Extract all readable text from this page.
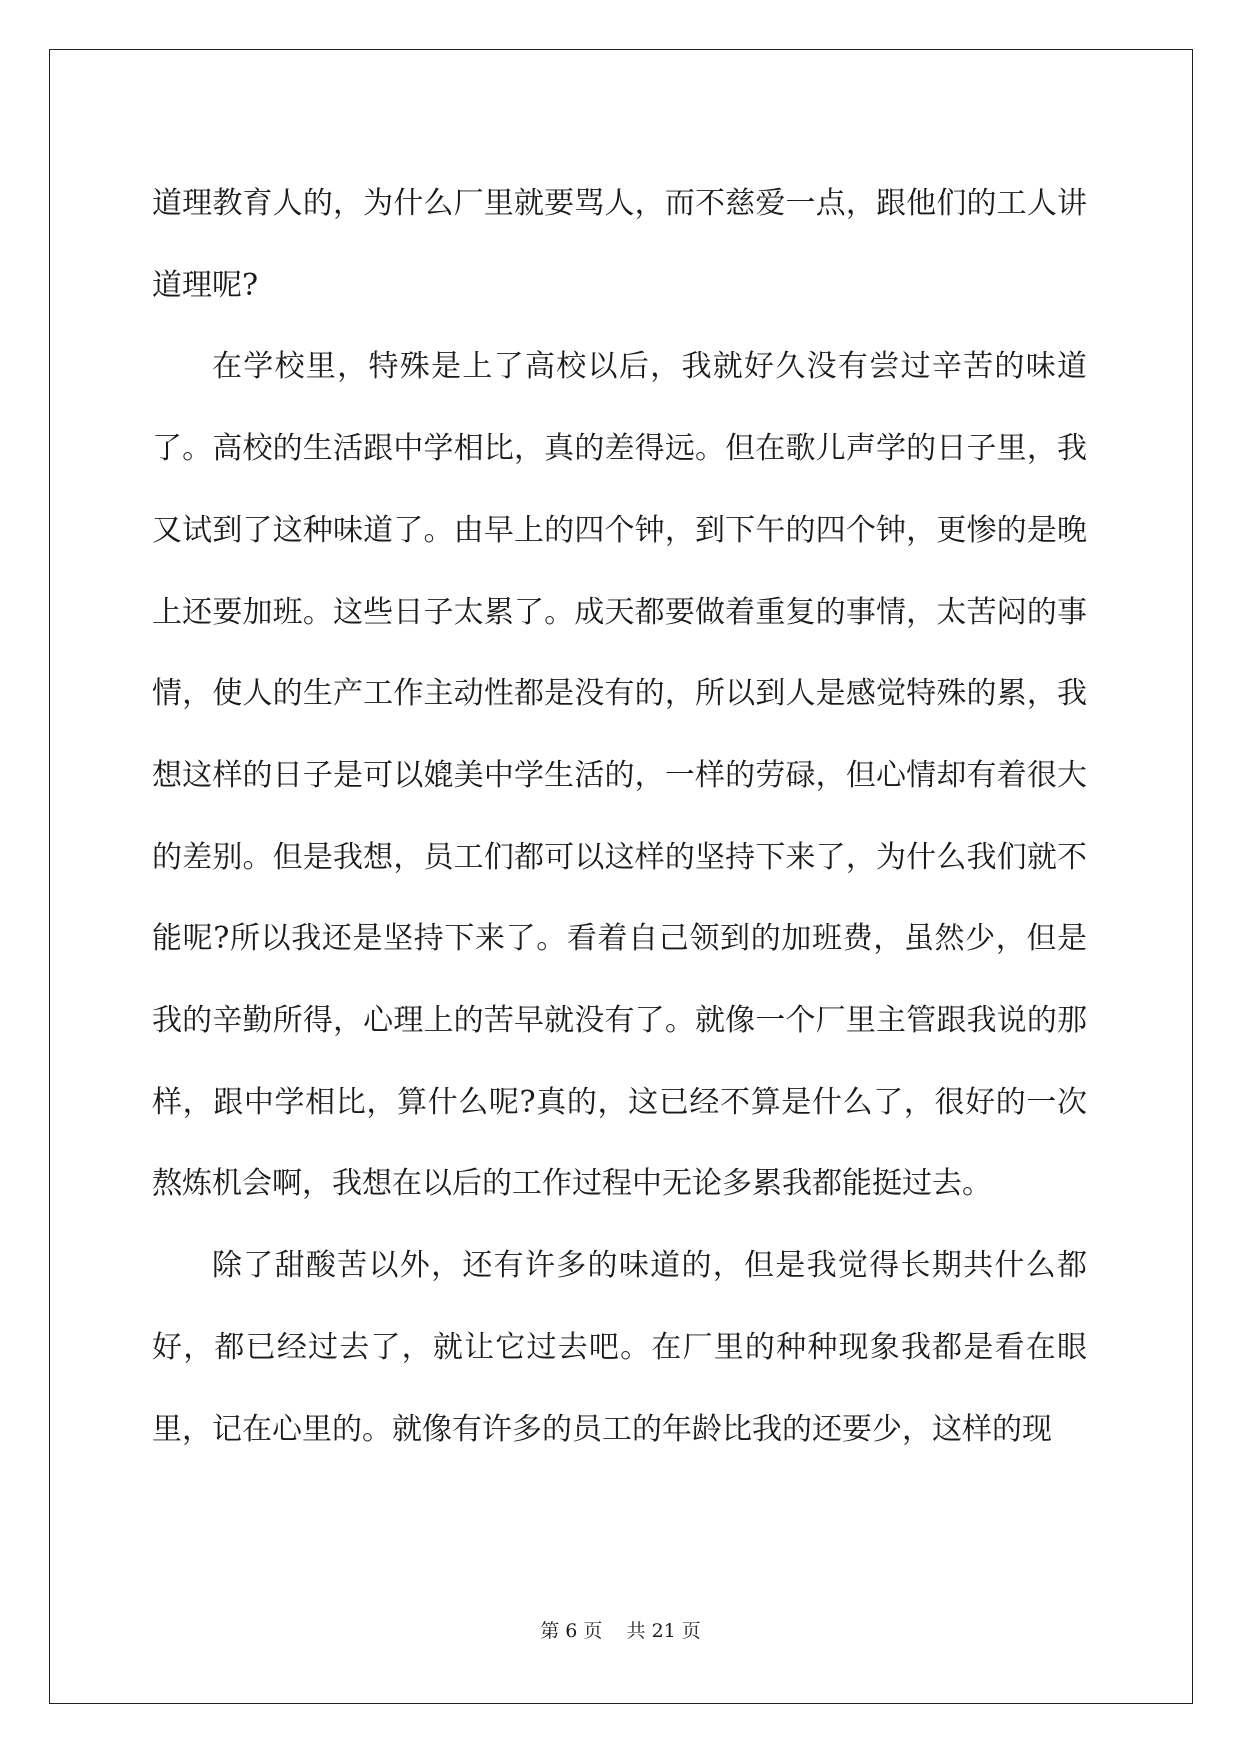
道理教育人的，为什么厂里就要骂人，而不慈爱一点，跟他们的工人讲道理呢?

在学校里，特殊是上了高校以后，我就好久没有尝过辛苦的味道了。高校的生活跟中学相比，真的差得远。但在歌儿声学的日子里，我又试到了这种味道了。由早上的四个钟，到下午的四个钟，更惨的是晚上还要加班。这些日子太累了。成天都要做着重复的事情，太苦闷的事情，使人的生产工作主动性都是没有的，所以到人是感觉特殊的累，我想这样的日子是可以媲美中学生活的，一样的劳碌，但心情却有着很大的差别。但是我想，员工们都可以这样的坚持下来了，为什么我们就不能呢?所以我还是坚持下来了。看着自己领到的加班费，虽然少，但是我的辛勤所得，心理上的苦早就没有了。就像一个厂里主管跟我说的那样，跟中学相比，算什么呢?真的，这已经不算是什么了，很好的一次熬炼机会啊，我想在以后的工作过程中无论多累我都能挺过去。

除了甜酸苦以外，还有许多的味道的，但是我觉得长期共什么都好，都已经过去了，就让它过去吧。在厂里的种种现象我都是看在眼里，记在心里的。就像有许多的员工的年龄比我的还要少，这样的现

第 6 页    共 21 页
